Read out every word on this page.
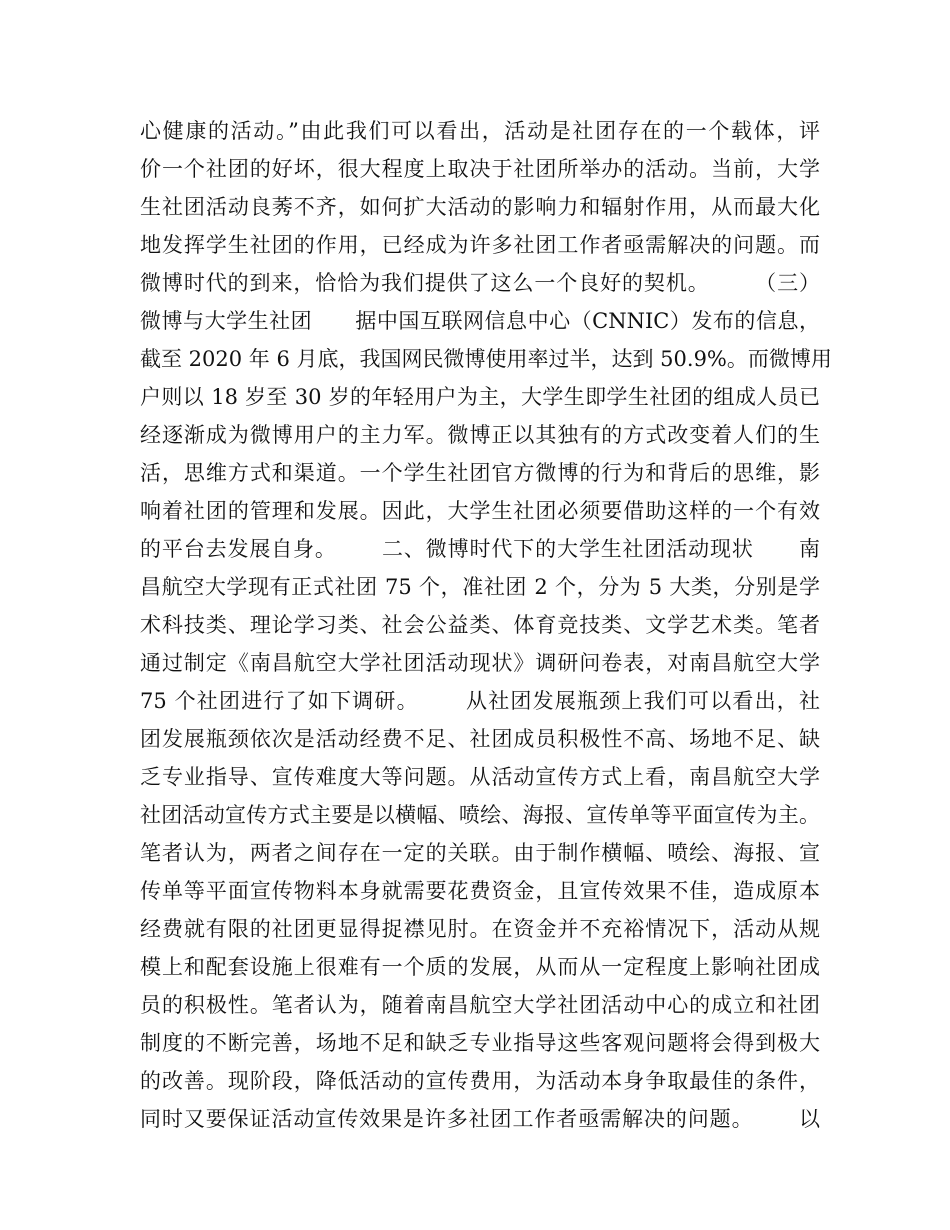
心健康的活动。”由此我们可以看出，活动是社团存在的一个载体，评
价一个社团的好坏，很大程度上取决于社团所举办的活动。当前，大学
生社团活动良莠不齐，如何扩大活动的影响力和辐射作用，从而最大化
地发挥学生社团的作用，已经成为许多社团工作者亟需解决的问题。而
微博时代的到来，恰恰为我们提供了这么一个良好的契机。      （三）
微博与大学生社团      据中国互联网信息中心（CNNIC）发布的信息，
截至 2020 年 6 月底，我国网民微博使用率过半，达到 50.9%。而微博用
户则以 18 岁至 30 岁的年轻用户为主，大学生即学生社团的组成人员已
经逐渐成为微博用户的主力军。微博正以其独有的方式改变着人们的生
活，思维方式和渠道。一个学生社团官方微博的行为和背后的思维，影
响着社团的管理和发展。因此，大学生社团必须要借助这样的一个有效
的平台去发展自身。      二、微博时代下的大学生社团活动现状      南
昌航空大学现有正式社团 75 个，准社团 2 个，分为 5 大类，分别是学
术科技类、理论学习类、社会公益类、体育竞技类、文学艺术类。笔者
通过制定《南昌航空大学社团活动现状》调研问卷表，对南昌航空大学
75 个社团进行了如下调研。      从社团发展瓶颈上我们可以看出，社
团发展瓶颈依次是活动经费不足、社团成员积极性不高、场地不足、缺
乏专业指导、宣传难度大等问题。从活动宣传方式上看，南昌航空大学
社团活动宣传方式主要是以横幅、喷绘、海报、宣传单等平面宣传为主。
笔者认为，两者之间存在一定的关联。由于制作横幅、喷绘、海报、宣
传单等平面宣传物料本身就需要花费资金，且宣传效果不佳，造成原本
经费就有限的社团更显得捉襟见肘。在资金并不充裕情况下，活动从规
模上和配套设施上很难有一个质的发展，从而从一定程度上影响社团成
员的积极性。笔者认为，随着南昌航空大学社团活动中心的成立和社团
制度的不断完善，场地不足和缺乏专业指导这些客观问题将会得到极大
的改善。现阶段，降低活动的宣传费用，为活动本身争取最佳的条件，
同时又要保证活动宣传效果是许多社团工作者亟需解决的问题。      以
